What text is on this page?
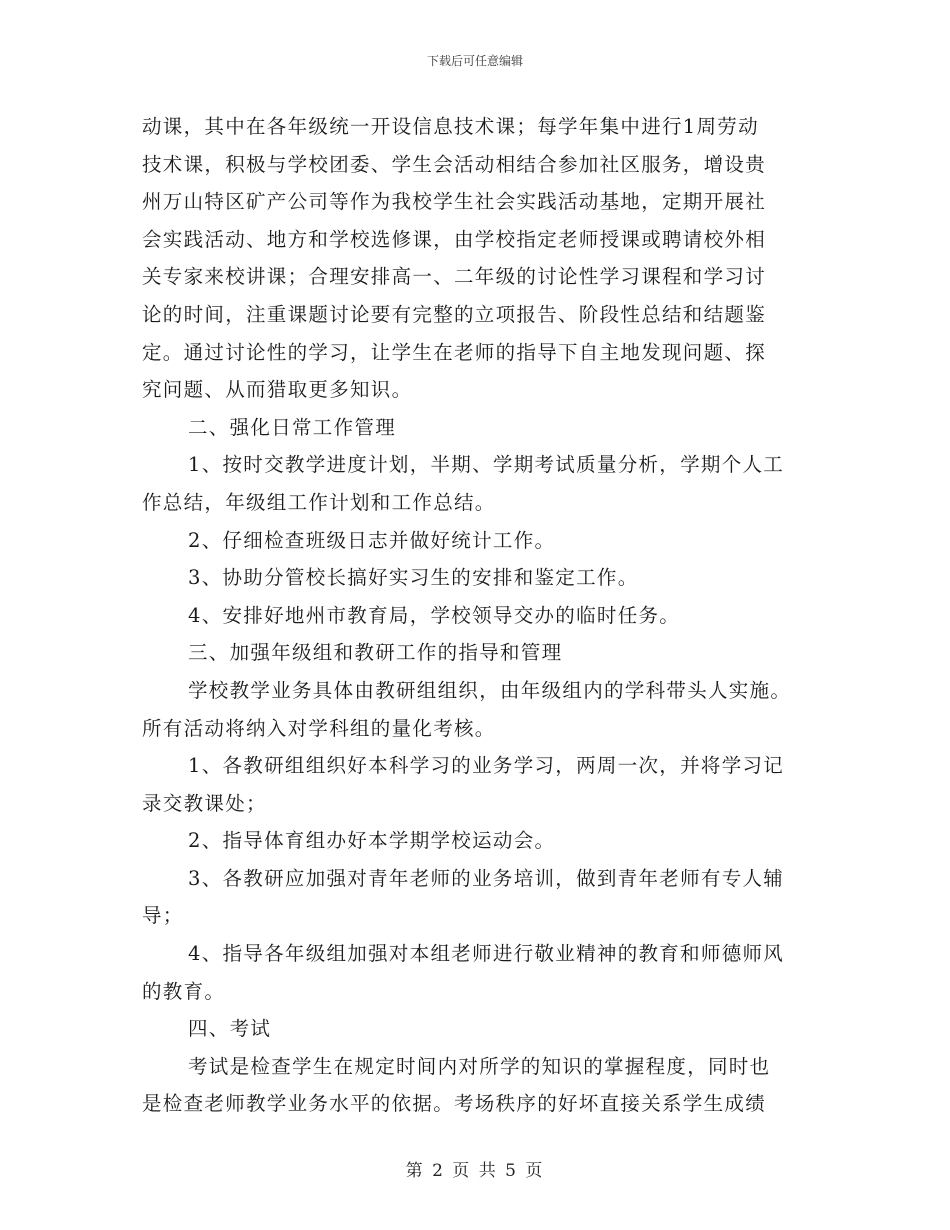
下载后可任意编辑
动课，其中在各年级统一开设信息技术课；每学年集中进行1周劳动
技术课，积极与学校团委、学生会活动相结合参加社区服务，增设贵
州万山特区矿产公司等作为我校学生社会实践活动基地，定期开展社
会实践活动、地方和学校选修课，由学校指定老师授课或聘请校外相
关专家来校讲课；合理安排高一、二年级的讨论性学习课程和学习讨
论的时间，注重课题讨论要有完整的立项报告、阶段性总结和结题鉴
定。通过讨论性的学习，让学生在老师的指导下自主地发现问题、探
究问题、从而猎取更多知识。
二、强化日常工作管理
1、按时交教学进度计划，半期、学期考试质量分析，学期个人工
作总结，年级组工作计划和工作总结。
2、仔细检查班级日志并做好统计工作。
3、协助分管校长搞好实习生的安排和鉴定工作。
4、安排好地州市教育局，学校领导交办的临时任务。
三、加强年级组和教研工作的指导和管理
学校教学业务具体由教研组组织，由年级组内的学科带头人实施。
所有活动将纳入对学科组的量化考核。
1、各教研组组织好本科学习的业务学习，两周一次，并将学习记
录交教课处；
2、指导体育组办好本学期学校运动会。
3、各教研应加强对青年老师的业务培训，做到青年老师有专人辅
导；
4、指导各年级组加强对本组老师进行敬业精神的教育和师德师风
的教育。
四、考试
考试是检查学生在规定时间内对所学的知识的掌握程度，同时也
是检查老师教学业务水平的依据。考场秩序的好坏直接关系学生成绩
第 2 页 共 5 页
